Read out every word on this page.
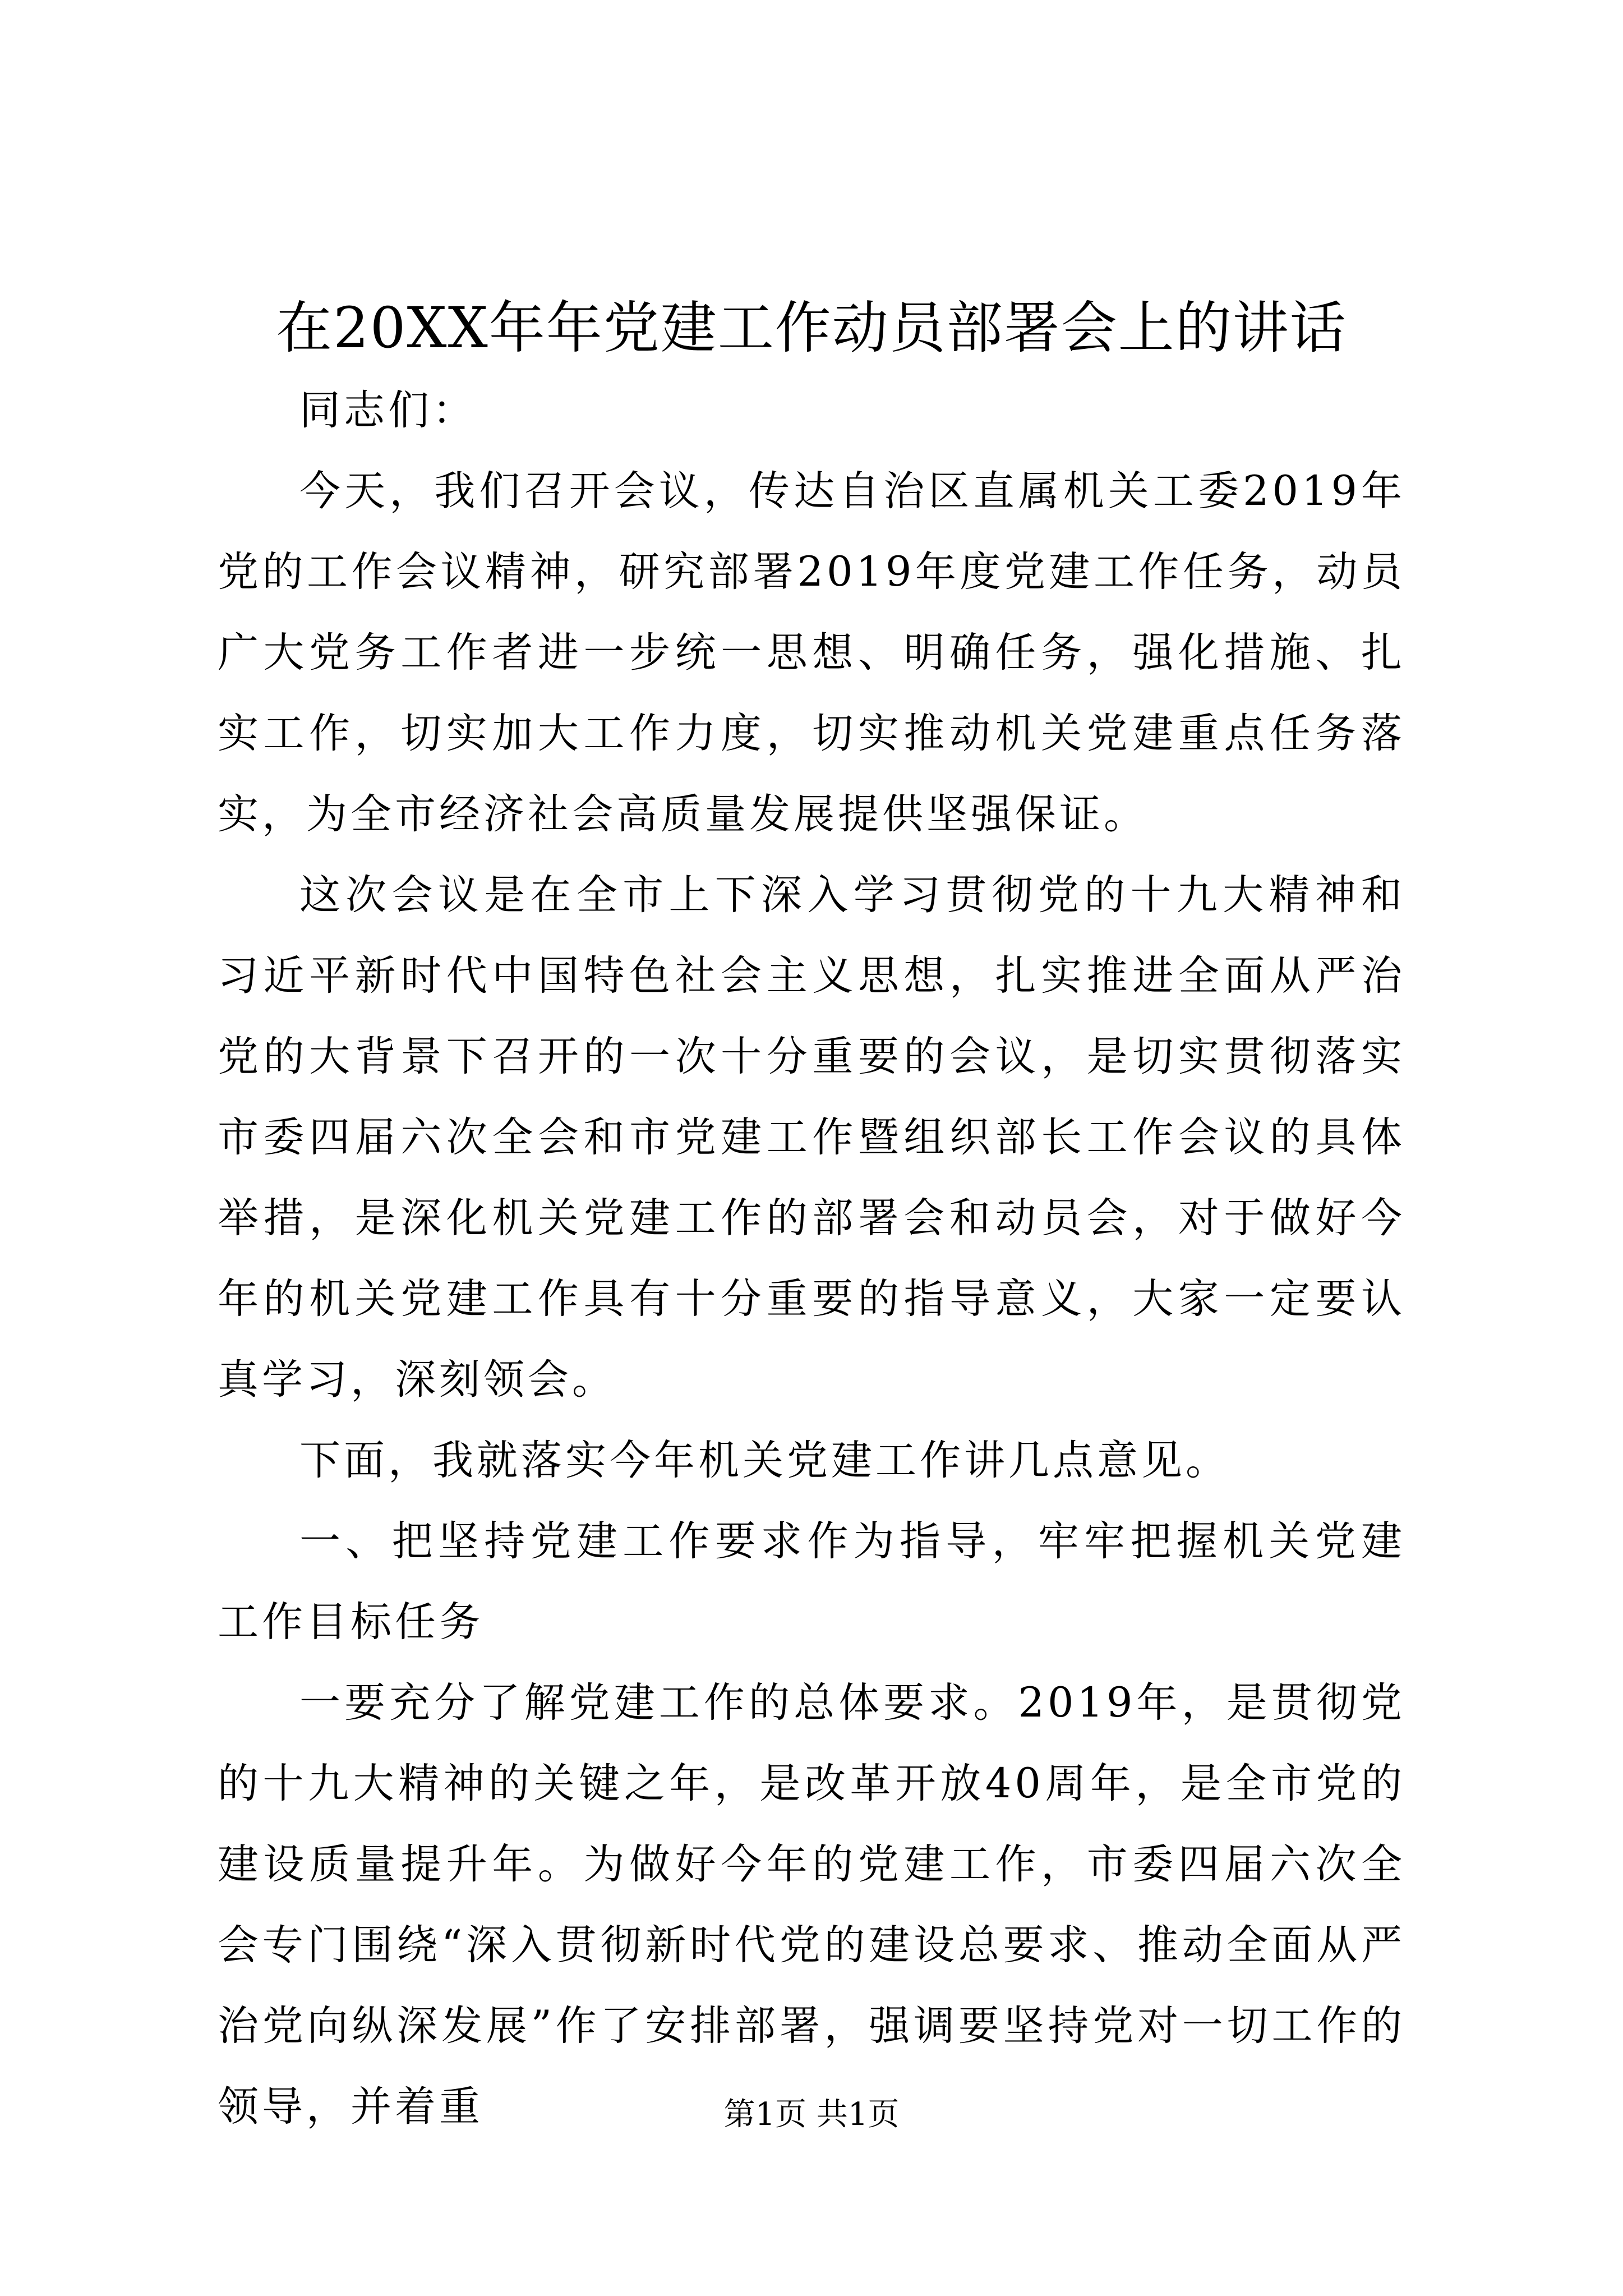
在20XX年年党建工作动员部署会上的讲话

同志们：

今天，我们召开会议，传达自治区直属机关工委2019年党的工作会议精神，研究部署2019年度党建工作任务，动员广大党务工作者进一步统一思想、明确任务，强化措施、扎实工作，切实加大工作力度，切实推动机关党建重点任务落实，为全市经济社会高质量发展提供坚强保证。

这次会议是在全市上下深入学习贯彻党的十九大精神和习近平新时代中国特色社会主义思想，扎实推进全面从严治党的大背景下召开的一次十分重要的会议，是切实贯彻落实市委四届六次全会和市党建工作暨组织部长工作会议的具体举措，是深化机关党建工作的部署会和动员会，对于做好今年的机关党建工作具有十分重要的指导意义，大家一定要认真学习，深刻领会。

下面，我就落实今年机关党建工作讲几点意见。

一、把坚持党建工作要求作为指导，牢牢把握机关党建工作目标任务

一要充分了解党建工作的总体要求。2019年，是贯彻党的十九大精神的关键之年，是改革开放40周年，是全市党的建设质量提升年。为做好今年的党建工作，市委四届六次全会专门围绕“深入贯彻新时代党的建设总要求、推动全面从严治党向纵深发展”作了安排部署，强调要坚持党对一切工作的领导，并着重	第1页 共1页
